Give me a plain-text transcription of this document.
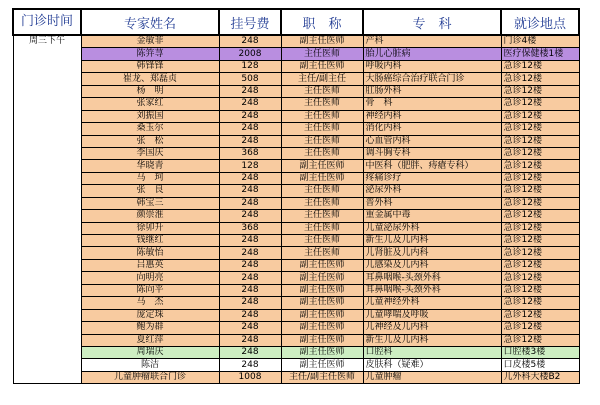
门诊时间	专家姓名	挂号费	职　称	专　科	就诊地点
周三下午	金敏菲	248	副主任医师	产科	门诊4楼
	陈笄荨	2008	主任医师	胎儿心脏病	医疗保健楼1楼
	韩锋锋	128	副主任医师	呼吸内科	急诊12楼
	崔龙、郑磊贞	508	主任/副主任	大肠癌综合治疗联合门诊	急诊12楼
	杨　明	248	主任医师	肛肠外科	急诊12楼
	张家红	248	主任医师	骨　科	急诊12楼
	刘振国	248	主任医师	神经内科	急诊12楼
	桑玉尔	248	主任医师	消化内科	急诊12楼
	张　松	248	主任医师	心血管内科	急诊12楼
	李国庆	368	主任医师	调斗胸专科	急诊12楼
	华晓青	128	副主任医师	中医科（肥胖、痔瘡专科）	急诊12楼
	马　珂	248	副主任医师	疼痛诊疗	急诊12楼
	张　良	248	主任医师	泌尿外科	急诊12楼
	韩宝三	248	主任医师	普外科	急诊12楼
	颜崇淮	248	主任医师	重金属中毒	急诊12楼
	徐卯升	368	主任医师	儿童泌尿外科	急诊12楼
	钱继红	248	主任医师	新生儿及儿内科	急诊12楼
	陈敏怡	248	主任医师	儿肾脏及儿内科	急诊12楼
	吕惠英	248	副主任医师	儿感染及儿内科	急诊12楼
	向明亮	248	副主任医师	耳鼻咽喉-头颈外科	急诊12楼
	陈向平	248	副主任医师	耳鼻咽喉-头颈外科	急诊12楼
	马　杰	248	副主任医师	儿童神经外科	急诊12楼
	庞定珠	248	副主任医师	儿童哮喘及呼吸	急诊12楼
	鲍为群	248	副主任医师	儿神经及儿内科	急诊12楼
	夏红萍	248	副主任医师	新生儿及儿内科	急诊12楼
	周瑞庆	248	副主任医师	口腔科	口腔楼3楼
	陈洁	248	副主任医师	皮肤科（疑难）	口皮楼5楼
	儿童肿瘤联合门诊	1008	主任/副主任医师	儿童肿瘤	儿外科大楼B2
